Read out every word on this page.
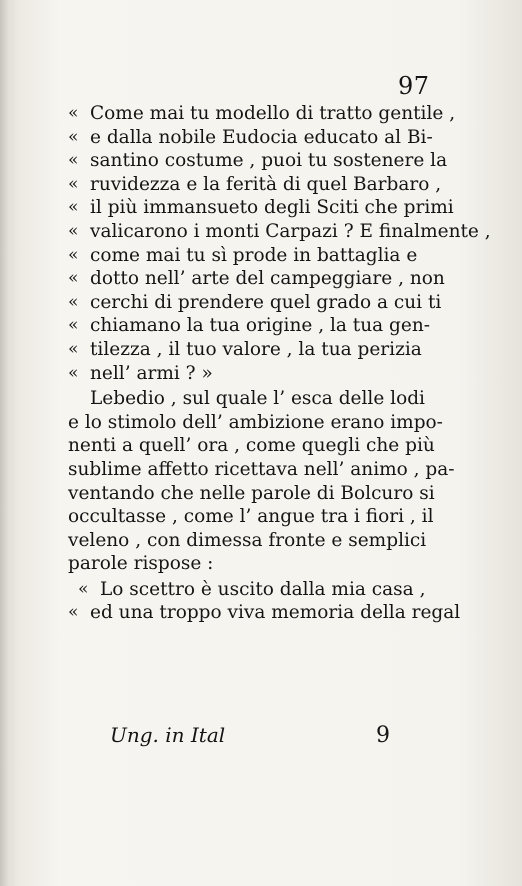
97
« Come mai tu modello di tratto gentile ,
« e dalla nobile Eudocia educato al Bi-
« santino costume , puoi tu sostenere la
« ruvidezza e la ferità di quel Barbaro ,
« il più immansueto degli Sciti che primi
« valicarono i monti Carpazi ? E finalmente ,
« come mai tu sì prode in battaglia e
« dotto nell’ arte del campeggiare , non
« cerchi di prendere quel grado a cui ti
« chiamano la tua origine , la tua gen-
« tilezza , il tuo valore , la tua perizia
« nell’ armi ? »
Lebedio , sul quale l’ esca delle lodi
e lo stimolo dell’ ambizione erano impo-
nenti a quell’ ora , come quegli che più
sublime affetto ricettava nell’ animo , pa-
ventando che nelle parole di Bolcuro si
occultasse , come l’ angue tra i fiori , il
veleno , con dimessa fronte e semplici
parole rispose :
« Lo scettro è uscito dalla mia casa ,
« ed una troppo viva memoria della regal
Ung. in Ital	9
